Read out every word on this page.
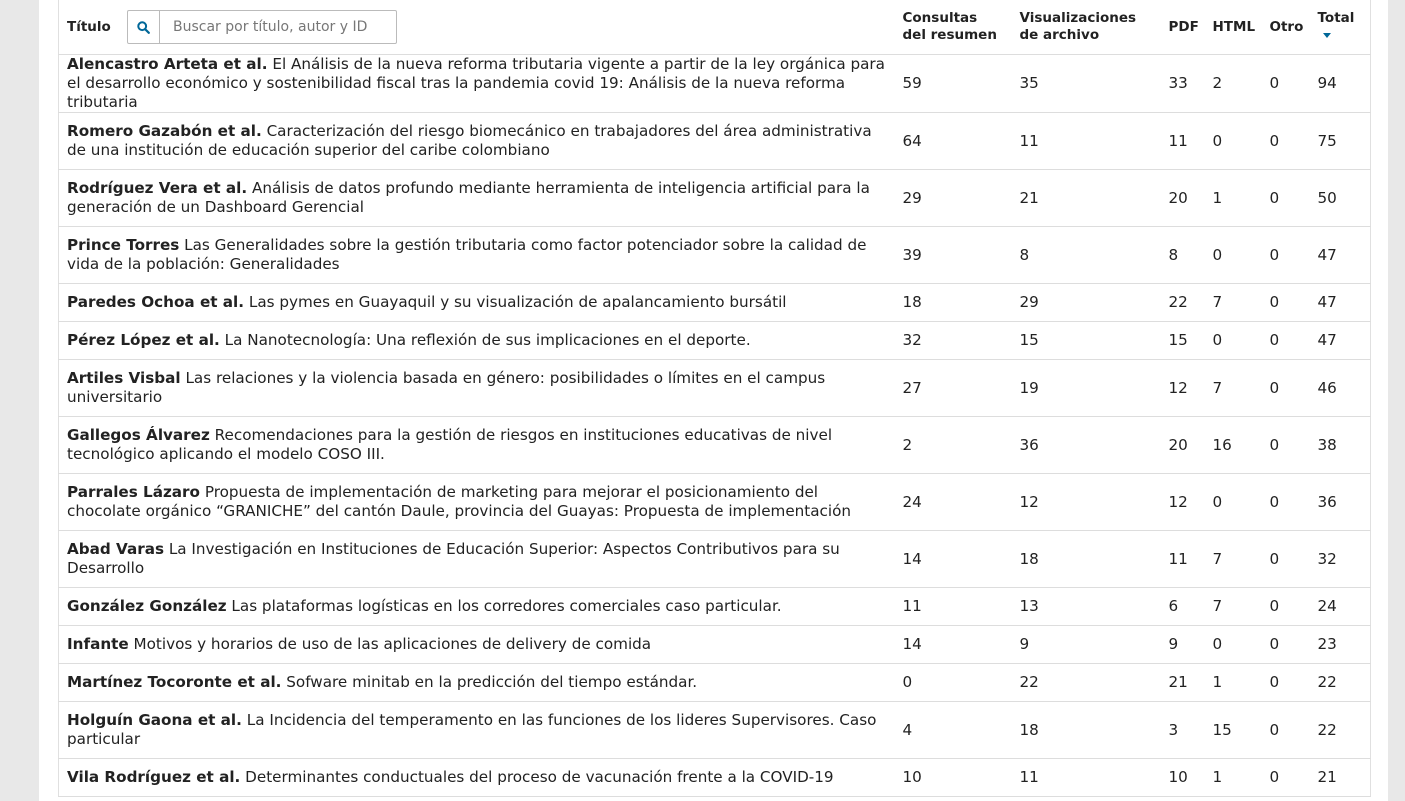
Título
Buscar por título, autor y ID	Consultas del resumen	Visualizaciones de archivo	PDF	HTML	Otro	Total
Alencastro Arteta et al. El Análisis de la nueva reforma tributaria vigente a partir de la ley orgánica para el desarrollo económico y sostenibilidad fiscal tras la pandemia covid 19: Análisis de la nueva reforma tributaria	59	35	33	2	0	94
Romero Gazabón et al. Caracterización del riesgo biomecánico en trabajadores del área administrativa de una institución de educación superior del caribe colombiano	64	11	11	0	0	75
Rodríguez Vera et al. Análisis de datos profundo mediante herramienta de inteligencia artificial para la generación de un Dashboard Gerencial	29	21	20	1	0	50
Prince Torres Las Generalidades sobre la gestión tributaria como factor potenciador sobre la calidad de vida de la población: Generalidades	39	8	8	0	0	47
Paredes Ochoa et al. Las pymes en Guayaquil y su visualización de apalancamiento bursátil	18	29	22	7	0	47
Pérez López et al. La Nanotecnología: Una reflexión de sus implicaciones en el deporte.	32	15	15	0	0	47
Artiles Visbal Las relaciones y la violencia basada en género: posibilidades o límites en el campus universitario	27	19	12	7	0	46
Gallegos Álvarez Recomendaciones para la gestión de riesgos en instituciones educativas de nivel tecnológico aplicando el modelo COSO III.	2	36	20	16	0	38
Parrales Lázaro Propuesta de implementación de marketing para mejorar el posicionamiento del chocolate orgánico “GRANICHE” del cantón Daule, provincia del Guayas: Propuesta de implementación	24	12	12	0	0	36
Abad Varas La Investigación en Instituciones de Educación Superior: Aspectos Contributivos para su Desarrollo	14	18	11	7	0	32
González González Las plataformas logísticas en los corredores comerciales caso particular.	11	13	6	7	0	24
Infante Motivos y horarios de uso de las aplicaciones de delivery de comida	14	9	9	0	0	23
Martínez Tocoronte et al. Sofware minitab en la predicción del tiempo estándar.	0	22	21	1	0	22
Holguín Gaona et al. La Incidencia del temperamento en las funciones de los lideres Supervisores. Caso particular	4	18	3	15	0	22
Vila Rodríguez et al. Determinantes conductuales del proceso de vacunación frente a la COVID-19	10	11	10	1	0	21
